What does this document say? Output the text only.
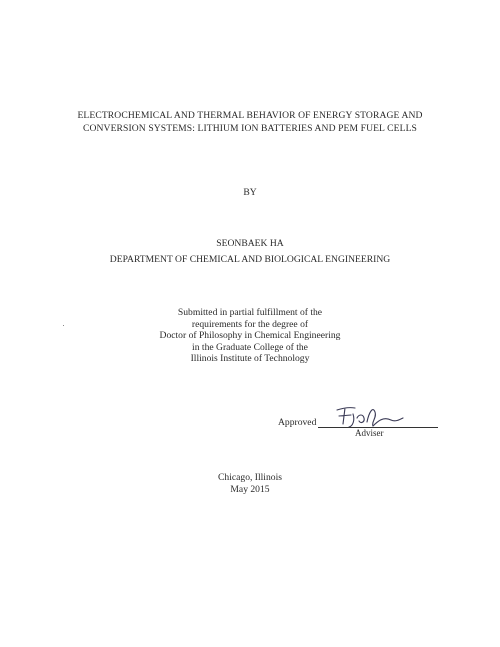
ELECTROCHEMICAL AND THERMAL BEHAVIOR OF ENERGY STORAGE AND
CONVERSION SYSTEMS: LITHIUM ION BATTERIES AND PEM FUEL CELLS
BY
SEONBAEK HA
DEPARTMENT OF CHEMICAL AND BIOLOGICAL ENGINEERING
Submitted in partial fulfillment of the
requirements for the degree of
Doctor of Philosophy in Chemical Engineering
in the Graduate College of the
Illinois Institute of Technology
Approved
Adviser
Chicago, Illinois
May 2015
